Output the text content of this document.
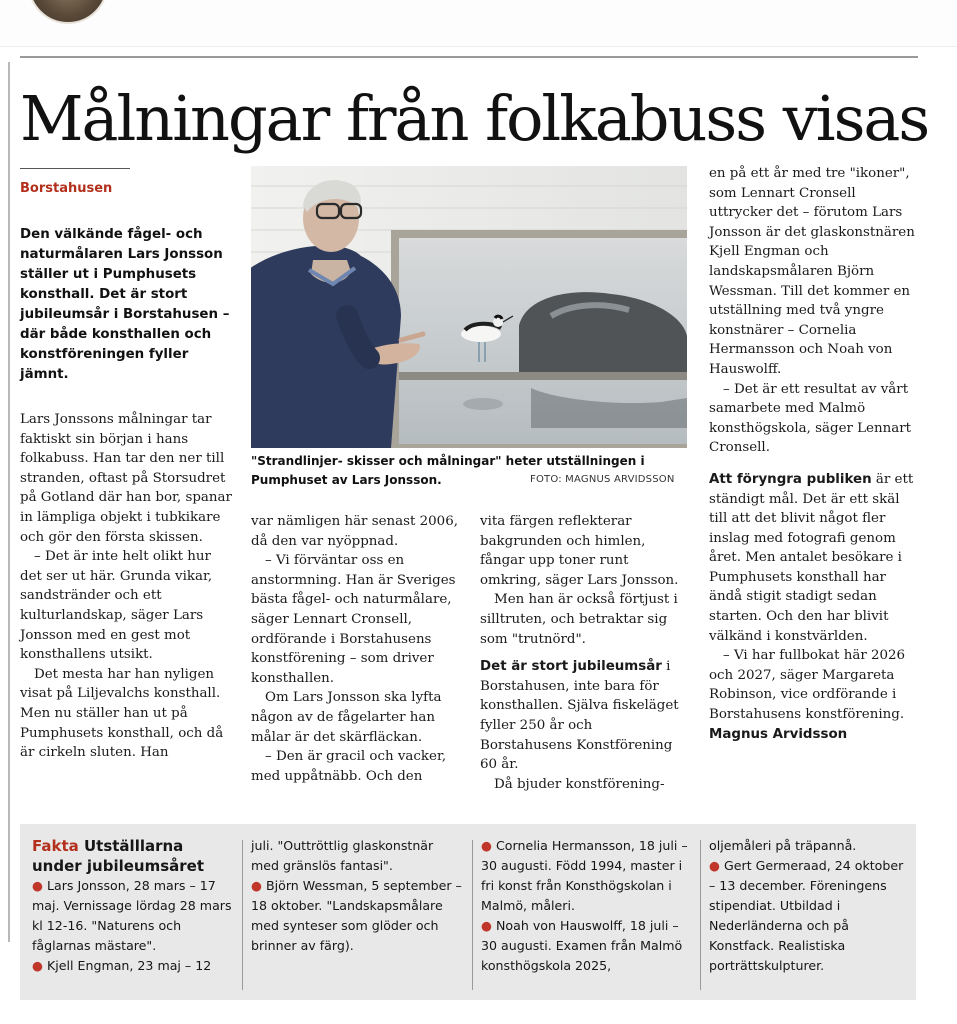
Målningar från folkabuss visas
Borstahusen

Den välkände fågel- och naturmålaren Lars Jonsson ställer ut i Pumphusets konsthall. Det är stort jubileumsår i Borstahusen – där både konsthallen och konstföreningen fyller jämnt.

Lars Jonssons målningar tar faktiskt sin början i hans folkabuss. Han tar den ner till stranden, oftast på Storsudret på Gotland där han bor, spanar in lämpliga objekt i tubkikare och gör den första skissen.

– Det är inte helt olikt hur det ser ut här. Grunda vikar, sandstränder och ett kulturlandskap, säger Lars Jonsson med en gest mot konsthallens utsikt.

Det mesta har han nyligen visat på Liljevalchs konsthall. Men nu ställer han ut på Pumphusets konsthall, och då är cirkeln sluten. Han

"Strandlinjer- skisser och målningar" heter utställningen i Pumphuset av Lars Jonsson.	FOTO: MAGNUS ARVIDSSON

var nämligen här senast 2006, då den var nyöppnad.

– Vi förväntar oss en anstormning. Han är Sveriges bästa fågel- och naturmålare, säger Lennart Cronsell, ordförande i Borstahusens konstförening – som driver konsthallen.

Om Lars Jonsson ska lyfta någon av de fågelarter han målar är det skärfläckan.

– Den är gracil och vacker, med uppåtnäbb. Och den

vita färgen reflekterar bakgrunden och himlen, fångar upp toner runt omkring, säger Lars Jonsson.

Men han är också förtjust i silltruten, och betraktar sig som "trutnörd".

Det är stort jubileumsår i Borstahusen, inte bara för konsthallen. Själva fiskeläget fyller 250 år och Borstahusens Konstförening 60 år.

Då bjuder konstförening-

en på ett år med tre "ikoner", som Lennart Cronsell uttrycker det – förutom Lars Jonsson är det glaskonstnären Kjell Engman och landskapsmålaren Björn Wessman. Till det kommer en utställning med två yngre konstnärer – Cornelia Hermansson och Noah von Hauswolff.

– Det är ett resultat av vårt samarbete med Malmö konsthögskola, säger Lennart Cronsell.

Att föryngra publiken är ett ständigt mål. Det är ett skäl till att det blivit något fler inslag med fotografi genom året. Men antalet besökare i Pumphusets konsthall har ändå stigit stadigt sedan starten. Och den har blivit välkänd i konstvärlden.

– Vi har fullbokat här 2026 och 2027, säger Margareta Robinson, vice ordförande i Borstahusens konstförening.

Magnus Arvidsson

Fakta Utställlarna under jubileumsåret

● Lars Jonsson, 28 mars – 17 maj. Vernissage lördag 28 mars kl 12-16. "Naturens och fåglarnas mästare".

● Kjell Engman, 23 maj – 12

juli. "Outtröttlig glaskonstnär med gränslös fantasi".

● Björn Wessman, 5 september – 18 oktober. "Landskapsmålare med synteser som glöder och brinner av färg).

● Cornelia Hermansson, 18 juli – 30 augusti. Född 1994, master i fri konst från Konsthögskolan i Malmö, måleri.

● Noah von Hauswolff, 18 juli – 30 augusti. Examen från Malmö konsthögskola 2025,

oljemåleri på träpannå.

● Gert Germeraad, 24 oktober – 13 december. Föreningens stipendiat. Utbildad i Nederländerna och på Konstfack. Realistiska porträttskulpturer.
